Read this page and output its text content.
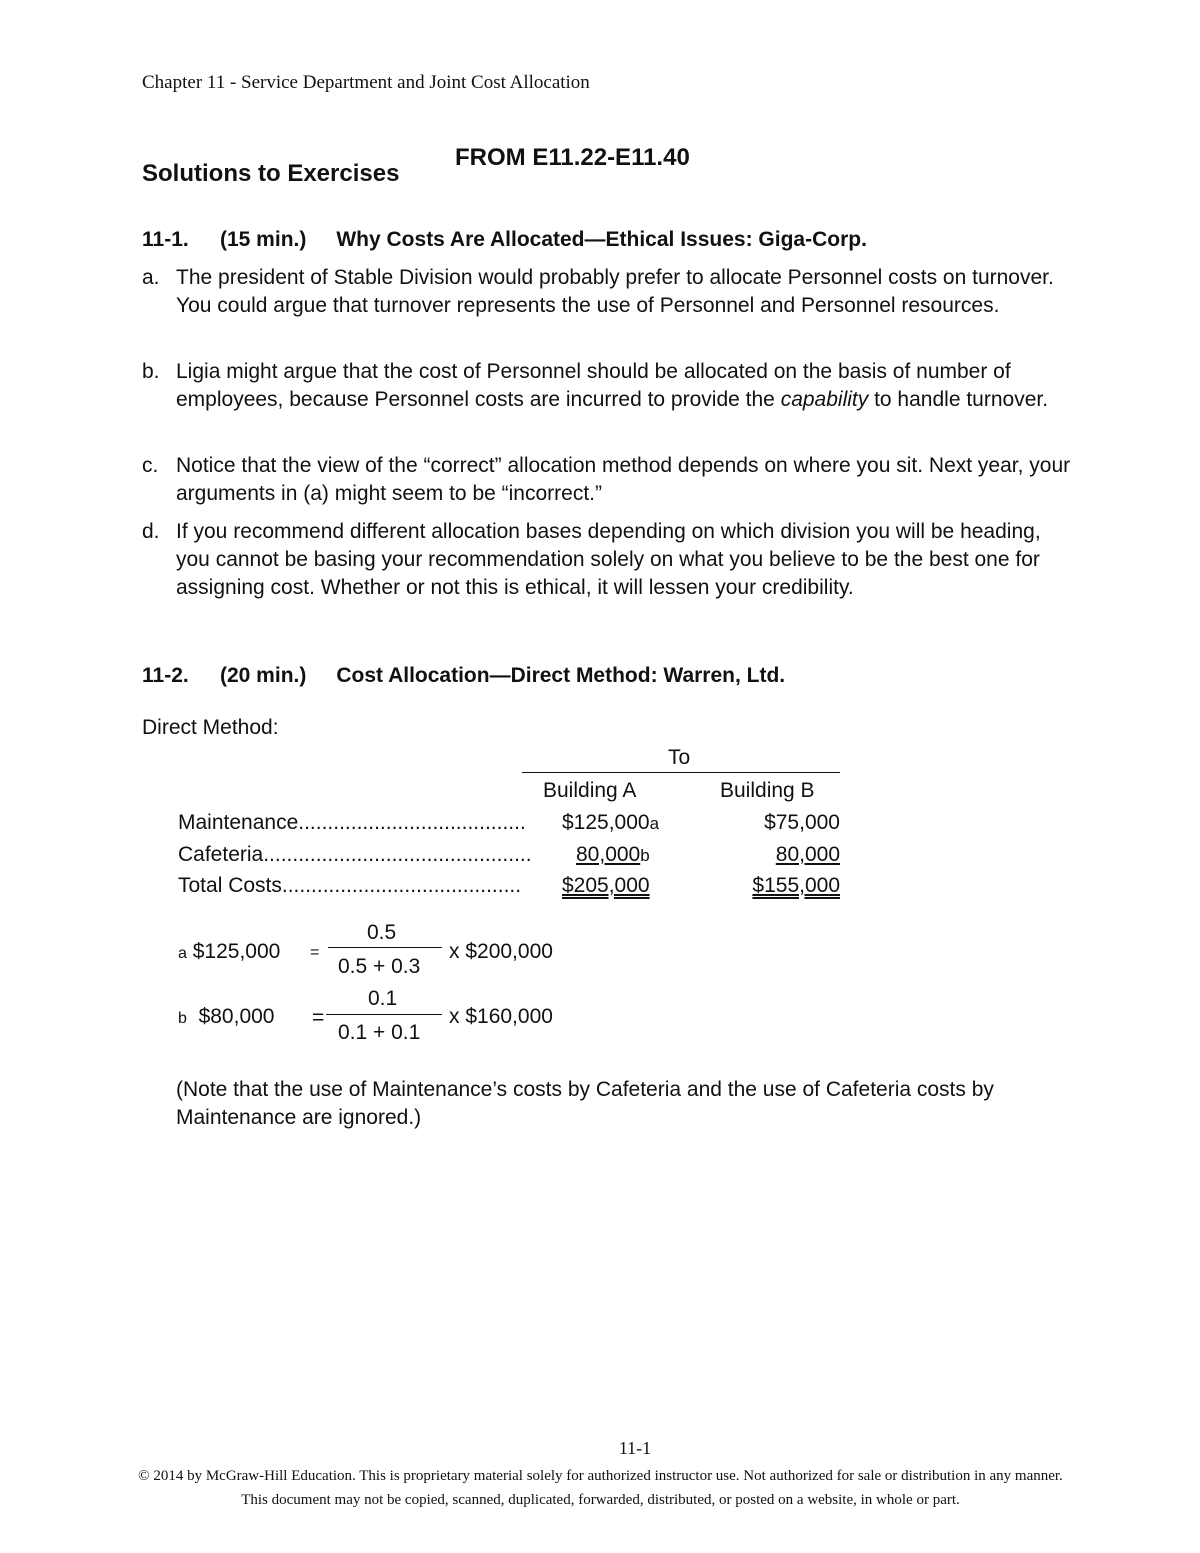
Chapter 11 - Service Department and Joint Cost Allocation
Solutions to Exercises
FROM E11.22-E11.40
11-1. (15 min.) Why Costs Are Allocated—Ethical Issues: Giga-Corp.
a. The president of Stable Division would probably prefer to allocate Personnel costs on turnover. You could argue that turnover represents the use of Personnel and Personnel resources.
b. Ligia might argue that the cost of Personnel should be allocated on the basis of number of employees, because Personnel costs are incurred to provide the capability to handle turnover.
c. Notice that the view of the “correct” allocation method depends on where you sit. Next year, your arguments in (a) might seem to be “incorrect.”
d. If you recommend different allocation bases depending on which division you will be heading, you cannot be basing your recommendation solely on what you believe to be the best one for assigning cost. Whether or not this is ethical, it will lessen your credibility.
11-2. (20 min.) Cost Allocation—Direct Method: Warren, Ltd.
Direct Method:
To
Building A	Building B
Maintenance....................................... $125,000a	$75,000
Cafeteria.............................................. 80,000b	80,000
Total Costs......................................... $205,000	$155,000
a $125,000 =
0.5
0.5 + 0.3
x $200,000
b $80,000 =
0.1
0.1 + 0.1
x $160,000
(Note that the use of Maintenance’s costs by Cafeteria and the use of Cafeteria costs by Maintenance are ignored.)
11-1
© 2014 by McGraw-Hill Education. This is proprietary material solely for authorized instructor use. Not authorized for sale or distribution in any manner. This document may not be copied, scanned, duplicated, forwarded, distributed, or posted on a website, in whole or part.
